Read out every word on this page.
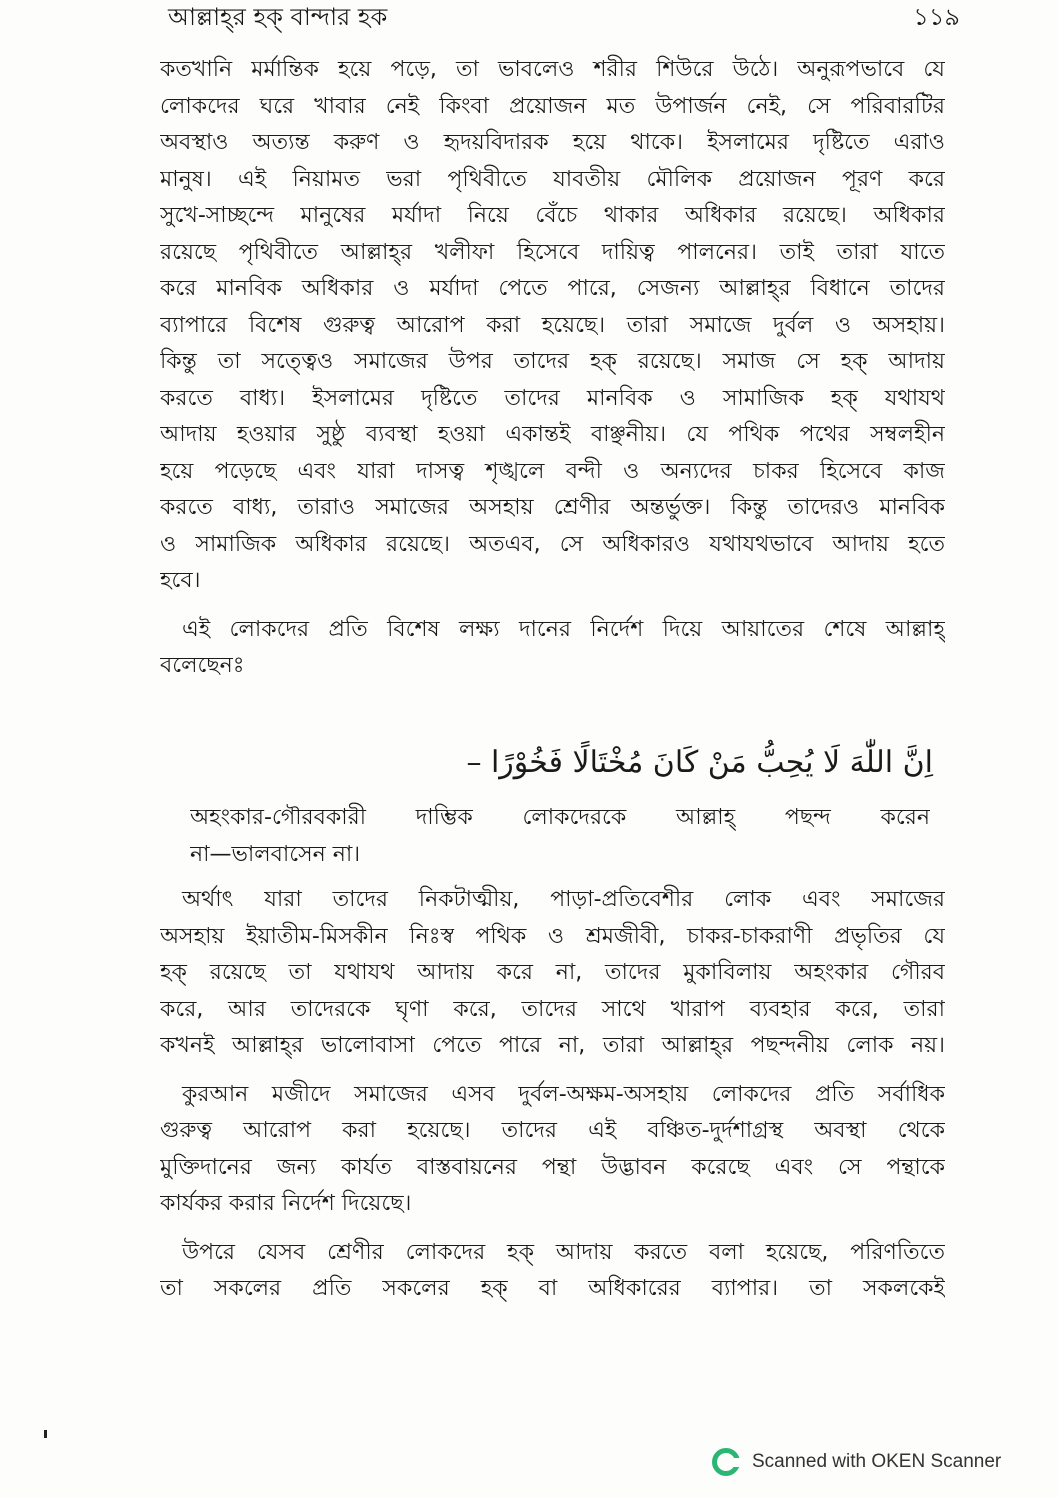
আল্লাহ্‌র হক্‌ বান্দার হক	১১৯
কতখানি মর্মান্তিক হয়ে পড়ে, তা ভাবলেও শরীর শিউরে উঠে। অনুরূপভাবে যে
লোকদের ঘরে খাবার নেই কিংবা প্রয়োজন মত উপার্জন নেই, সে পরিবারটির
অবস্থাও অত্যন্ত করুণ ও হৃদয়বিদারক হয়ে থাকে। ইসলামের দৃষ্টিতে এরাও
মানুষ। এই নিয়ামত ভরা পৃথিবীতে যাবতীয় মৌলিক প্রয়োজন পূরণ করে
সুখে-সাচ্ছন্দে মানুষের মর্যাদা নিয়ে বেঁচে থাকার অধিকার রয়েছে। অধিকার
রয়েছে পৃথিবীতে আল্লাহ্‌র খলীফা হিসেবে দায়িত্ব পালনের। তাই তারা যাতে
করে মানবিক অধিকার ও মর্যাদা পেতে পারে, সেজন্য আল্লাহ্‌র বিধানে তাদের
ব্যাপারে বিশেষ গুরুত্ব আরোপ করা হয়েছে। তারা সমাজে দুর্বল ও অসহায়।
কিন্তু তা সত্ত্বেও সমাজের উপর তাদের হক্‌ রয়েছে। সমাজ সে হক্‌ আদায়
করতে বাধ্য। ইসলামের দৃষ্টিতে তাদের মানবিক ও সামাজিক হক্‌ যথাযথ
আদায় হওয়ার সুষ্ঠু ব্যবস্থা হওয়া একান্তই বাঞ্ছনীয়। যে পথিক পথের সম্বলহীন
হয়ে পড়েছে এবং যারা দাসত্ব শৃঙ্খলে বন্দী ও অন্যদের চাকর হিসেবে কাজ
করতে বাধ্য, তারাও সমাজের অসহায় শ্রেণীর অন্তর্ভুক্ত। কিন্তু তাদেরও মানবিক
ও সামাজিক অধিকার রয়েছে। অতএব, সে অধিকারও যথাযথভাবে আদায় হতে
হবে।
এই লোকদের প্রতি বিশেষ লক্ষ্য দানের নির্দেশ দিয়ে আয়াতের শেষে আল্লাহ্‌
বলেছেনঃ
اِنَّ اللّٰهَ لَا يُحِبُّ مَنْ كَانَ مُخْتَالًا فَخُوْرًا –
অহংকার-গৌরবকারী দাম্ভিক লোকদেরকে আল্লাহ্‌ পছন্দ করেন
না—ভালবাসেন না।
অর্থাৎ যারা তাদের নিকটাত্মীয়, পাড়া-প্রতিবেশীর লোক এবং সমাজের
অসহায় ইয়াতীম-মিসকীন নিঃস্ব পথিক ও শ্রমজীবী, চাকর-চাকরাণী প্রভৃতির যে
হক্‌ রয়েছে তা যথাযথ আদায় করে না, তাদের মুকাবিলায় অহংকার গৌরব
করে, আর তাদেরকে ঘৃণা করে, তাদের সাথে খারাপ ব্যবহার করে, তারা
কখনই আল্লাহ্‌র ভালোবাসা পেতে পারে না, তারা আল্লাহ্‌র পছন্দনীয় লোক নয়।
কুরআন মজীদে সমাজের এসব দুর্বল-অক্ষম-অসহায় লোকদের প্রতি সর্বাধিক
গুরুত্ব আরোপ করা হয়েছে। তাদের এই বঞ্চিত-দুর্দশাগ্রস্থ অবস্থা থেকে
মুক্তিদানের জন্য কার্যত বাস্তবায়নের পন্থা উদ্ভাবন করেছে এবং সে পন্থাকে
কার্যকর করার নির্দেশ দিয়েছে।
উপরে যেসব শ্রেণীর লোকদের হক্‌ আদায় করতে বলা হয়েছে, পরিণতিতে
তা সকলের প্রতি সকলের হক্‌ বা অধিকারের ব্যাপার। তা সকলকেই
Scanned with OKEN Scanner
